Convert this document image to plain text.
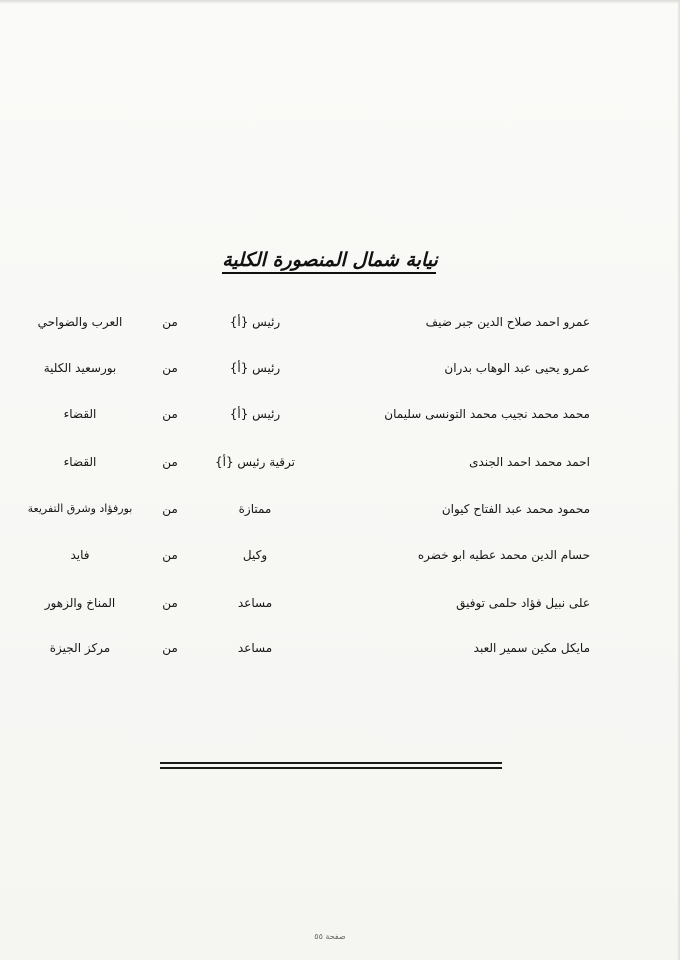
نيابة شمال المنصورة الكلية
عمرو احمد صلاح الدين جبر ضيف
رئيس {أ}
من
العرب والضواحي
عمرو يحيى عبد الوهاب بدران
رئيس {أ}
من
بورسعيد الكلية
محمد محمد نجيب محمد التونسى سليمان
رئيس {أ}
من
القضاء
احمد محمد احمد الجندى
ترقية رئيس {أ}
من
القضاء
محمود محمد عبد الفتاح كيوان
ممتازة
من
بورفؤاد وشرق التفريعة
حسام الدين محمد عطيه ابو خضره
وكيل
من
فايد
على نبيل فؤاد حلمى توفيق
مساعد
من
المناخ والزهور
مايكل مكين سمير العبد
مساعد
من
مركز الجيزة
صفحة ٥٥
